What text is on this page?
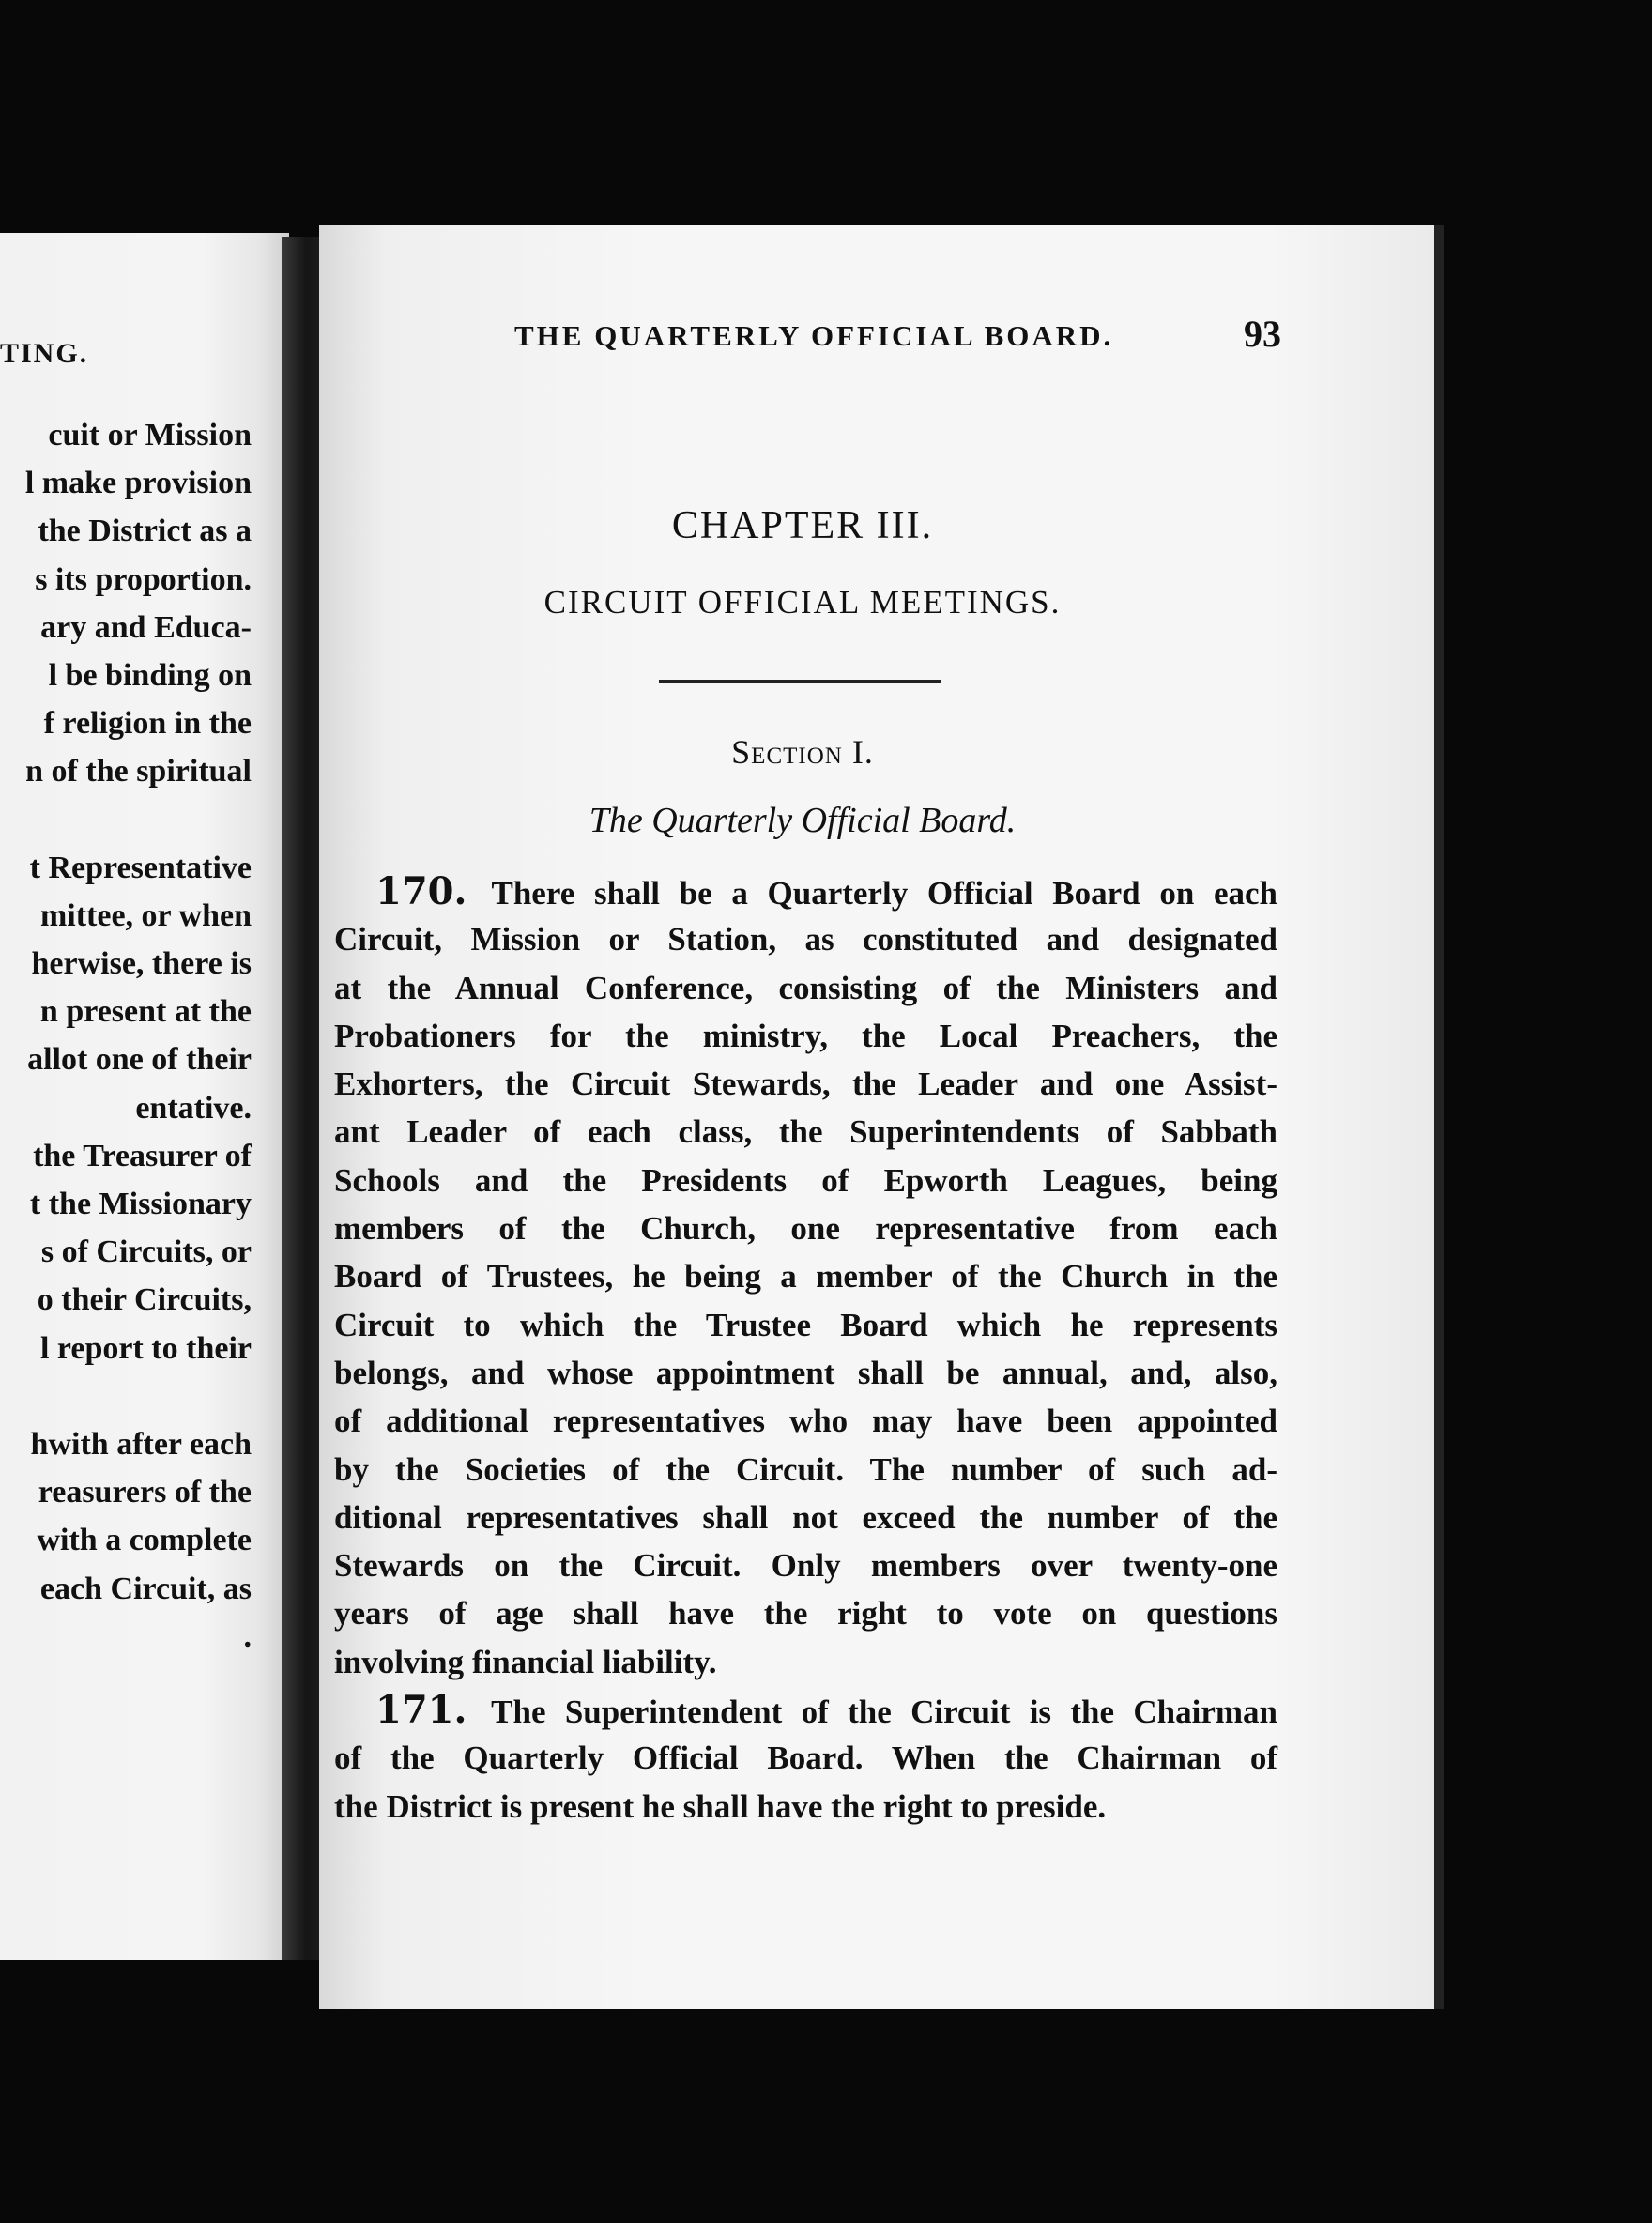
TING.
cuit or Mission
l make provision
the District as a
s its proportion.
ary and Educa-
l be binding on
f religion in the
n of the spiritual
t Representative
mittee, or when
herwise, there is
n present at the
allot one of their
entative.
the Treasurer of
t the Missionary
s of Circuits, or
o their Circuits,
l report to their
hwith after each
reasurers of the
with a complete
each Circuit, as
.
THE QUARTERLY OFFICIAL BOARD.	93
CHAPTER III.
CIRCUIT OFFICIAL MEETINGS.
Section I.
The Quarterly Official Board.
170. There shall be a Quarterly Official Board on each
Circuit, Mission or Station, as constituted and designated
at the Annual Conference, consisting of the Ministers and
Probationers for the ministry, the Local Preachers, the
Exhorters, the Circuit Stewards, the Leader and one Assist-
ant Leader of each class, the Superintendents of Sabbath
Schools and the Presidents of Epworth Leagues, being
members of the Church, one representative from each
Board of Trustees, he being a member of the Church in the
Circuit to which the Trustee Board which he represents
belongs, and whose appointment shall be annual, and, also,
of additional representatives who may have been appointed
by the Societies of the Circuit. The number of such ad-
ditional representatives shall not exceed the number of the
Stewards on the Circuit. Only members over twenty-one
years of age shall have the right to vote on questions
involving financial liability.
171. The Superintendent of the Circuit is the Chairman
of the Quarterly Official Board. When the Chairman of
the District is present he shall have the right to preside.
